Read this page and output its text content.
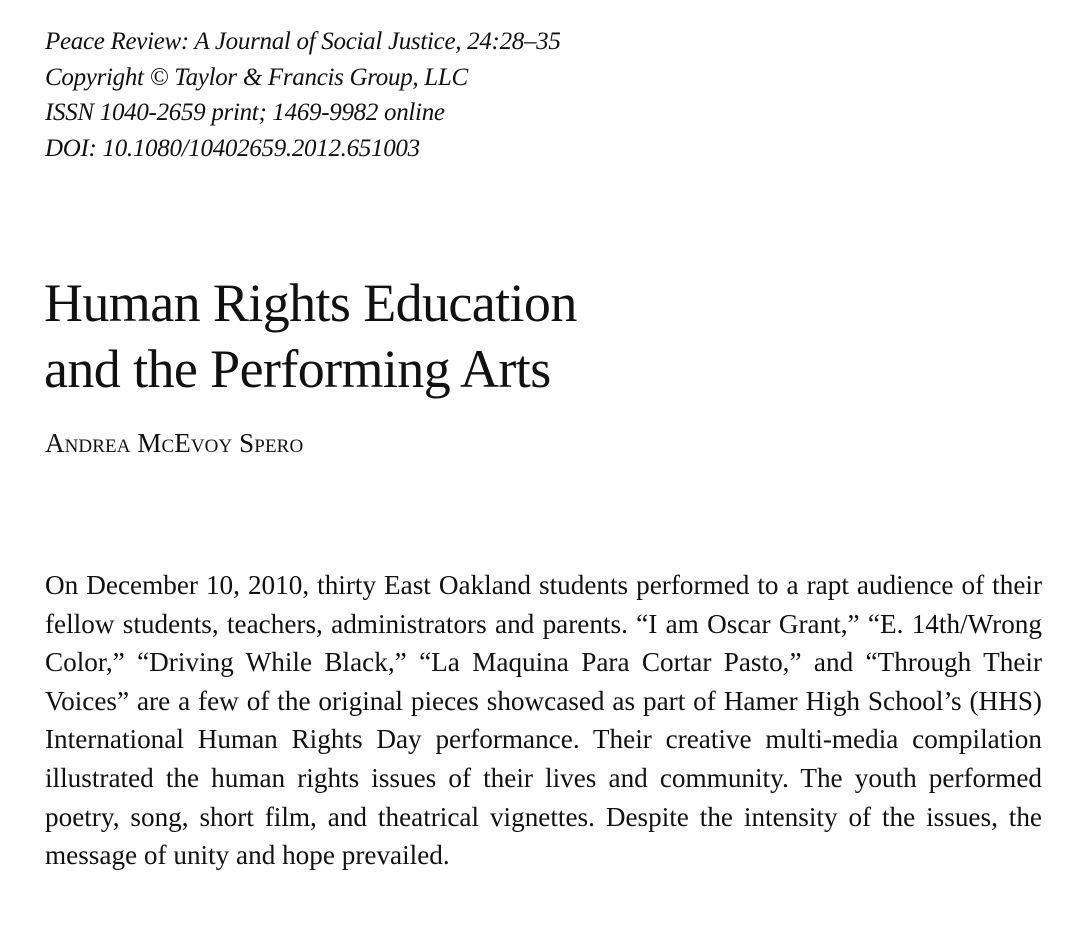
Peace Review: A Journal of Social Justice, 24:28–35
Copyright © Taylor & Francis Group, LLC
ISSN 1040-2659 print; 1469-9982 online
DOI: 10.1080/10402659.2012.651003
Human Rights Education
and the Performing Arts
Andrea McEvoy Spero

On December 10, 2010, thirty East Oakland students performed to a rapt audience of their fellow students, teachers, administrators and parents. “I am Oscar Grant,” “E. 14th/Wrong Color,” “Driving While Black,” “La Maquina Para Cortar Pasto,” and “Through Their Voices” are a few of the original pieces showcased as part of Hamer High School’s (HHS) International Human Rights Day performance. Their creative multi-media compilation illustrated the human rights issues of their lives and community. The youth performed poetry, song, short film, and theatrical vignettes. Despite the intensity of the issues, the message of unity and hope prevailed.
